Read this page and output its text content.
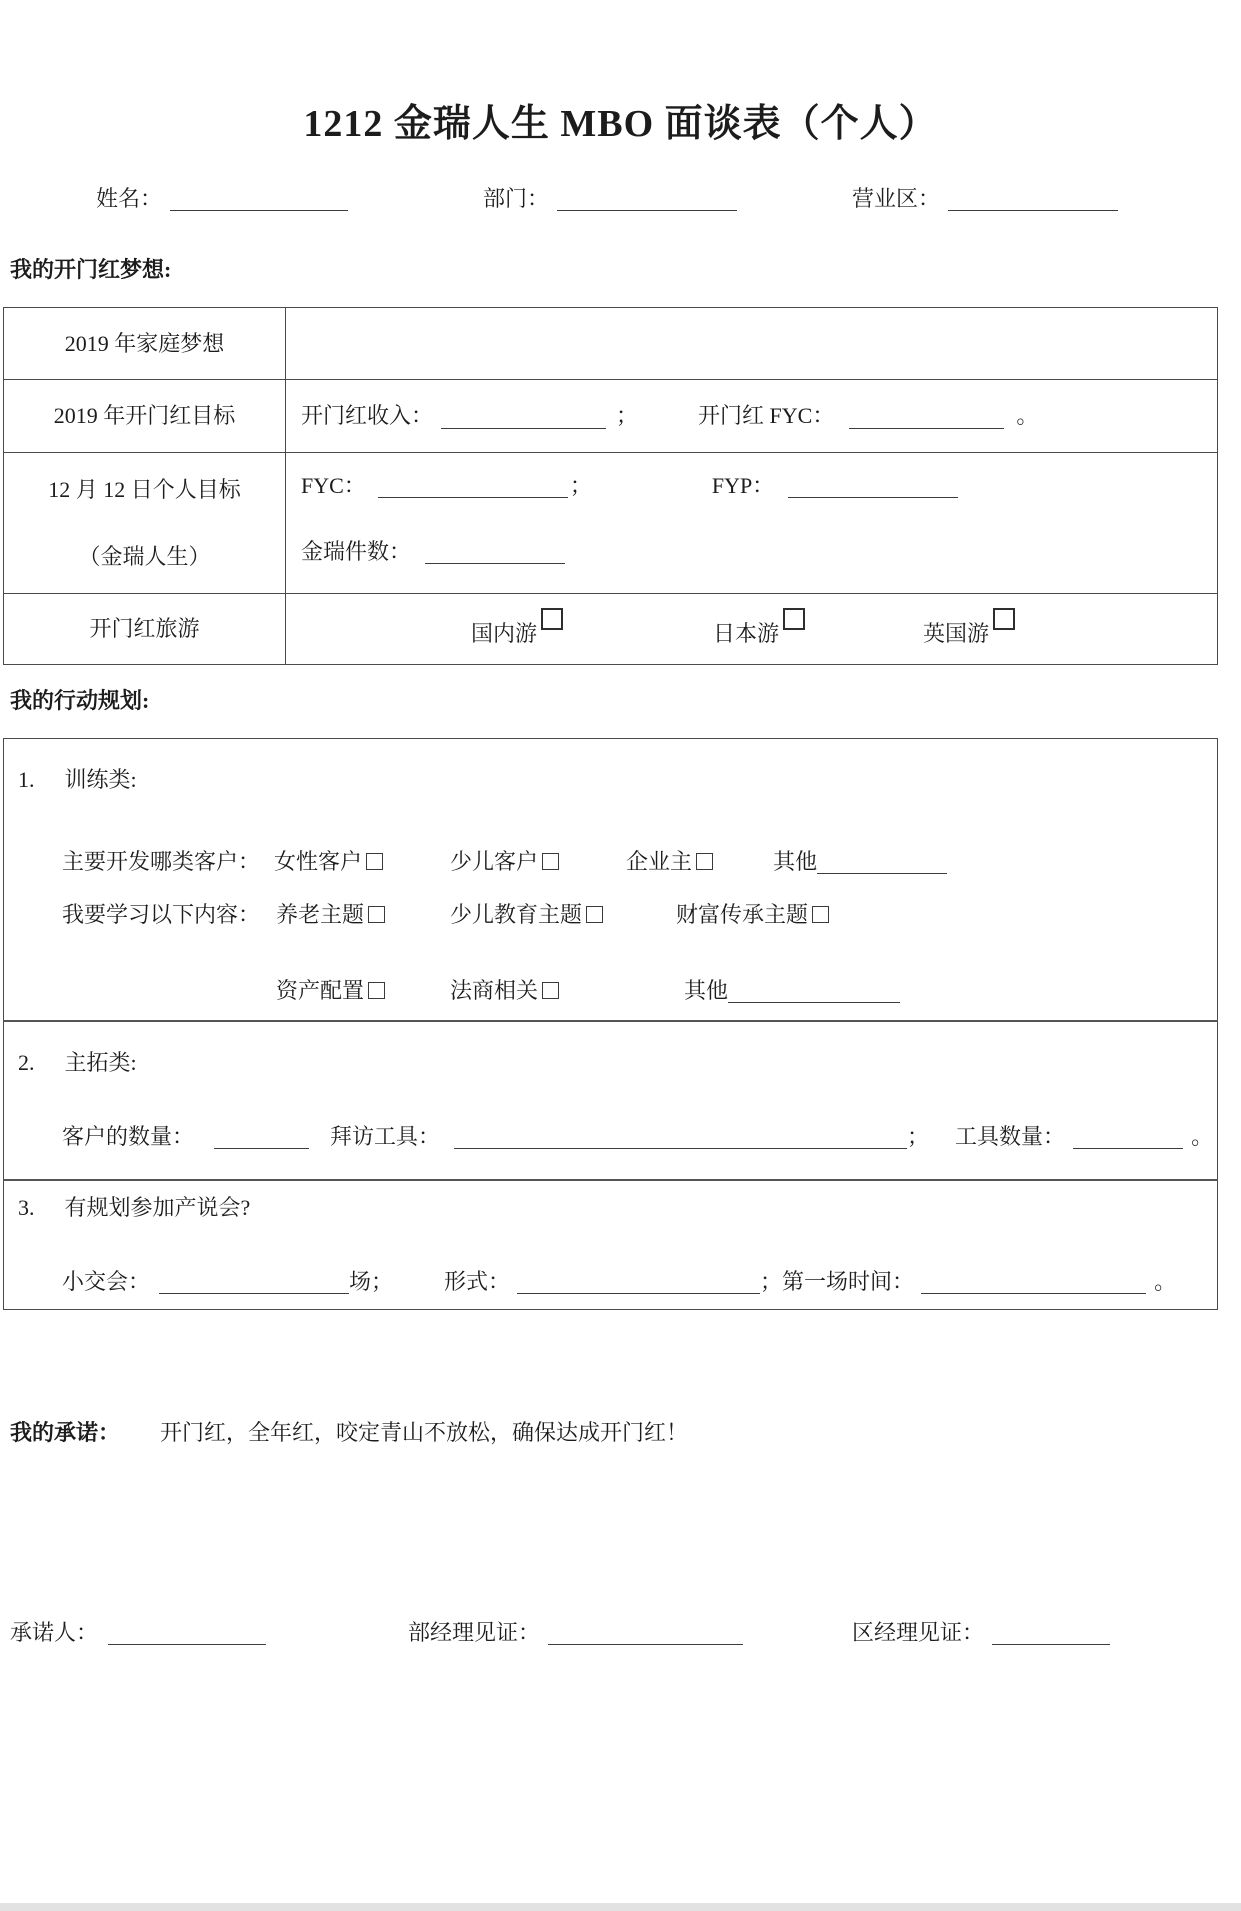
1212 金瑞人生 MBO 面谈表（个人）
姓名：	部门：	营业区：
我的开门红梦想:
2019 年家庭梦想
2019 年开门红目标	开门红收入：	；	开门红 FYC：	。
12 月 12 日个人目标
（金瑞人生）
FYC：	；	FYP：
金瑞件数：
开门红旅游	国内游	日本游	英国游
我的行动规划:
1. 训练类:
主要开发哪类客户： 女性客户	少儿客户	企业主	其他
我要学习以下内容： 养老主题	少儿教育主题	财富传承主题
资产配置	法商相关	其他
2. 主拓类:
客户的数量：	拜访工具：	； 工具数量：	。
3. 有规划参加产说会?
小交会：	场； 形式：	；第一场时间：	。
我的承诺： 开门红，全年红，咬定青山不放松，确保达成开门红！
承诺人：	部经理见证：	区经理见证：
